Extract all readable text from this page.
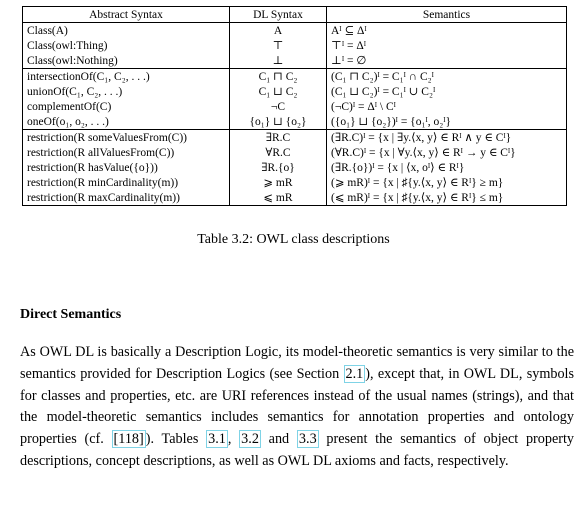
Abstract Syntax	DL Syntax	Semantics
Class(A)	A	Aᴵ ⊆ Δᴵ
Class(owl:Thing)	⊤	⊤ᴵ = Δᴵ
Class(owl:Nothing)	⊥	⊥ᴵ = ∅
intersectionOf(C₁, C₂, . . .)	C₁ ⊓ C₂	(C₁ ⊓ C₂)ᴵ = C₁ᴵ ∩ C₂ᴵ
unionOf(C₁, C₂, . . .)	C₁ ⊔ C₂	(C₁ ⊔ C₂)ᴵ = C₁ᴵ ∪ C₂ᴵ
complementOf(C)	¬C	(¬C)ᴵ = Δᴵ \ Cᴵ
oneOf(o₁, o₂, . . .)	{o₁} ⊔ {o₂}	({o₁} ⊔ {o₂})ᴵ = {o₁ᴵ, o₂ᴵ}
restriction(R someValuesFrom(C))	∃R.C	(∃R.C)ᴵ = {x | ∃y.⟨x, y⟩ ∈ Rᴵ ∧ y ∈ Cᴵ}
restriction(R allValuesFrom(C))	∀R.C	(∀R.C)ᴵ = {x | ∀y.⟨x, y⟩ ∈ Rᴵ → y ∈ Cᴵ}
restriction(R hasValue({o}))	∃R.{o}	(∃R.{o})ᴵ = {x | ⟨x, oᴵ⟩ ∈ Rᴵ}
restriction(R minCardinality(m))	⩾ mR	(⩾ mR)ᴵ = {x | ♯{y.⟨x, y⟩ ∈ Rᴵ} ≥ m}
restriction(R maxCardinality(m))	⩽ mR	(⩽ mR)ᴵ = {x | ♯{y.⟨x, y⟩ ∈ Rᴵ} ≤ m}
Table 3.2: OWL class descriptions
Direct Semantics
As OWL DL is basically a Description Logic, its model-theoretic semantics is very similar to the semantics provided for Description Logics (see Section 2.1 ), except that, in OWL DL, symbols for classes and properties, etc. are URI references instead of the usual names (strings), and that the model-theoretic semantics includes semantics for annotation properties and ontology properties (cf. [118] ). Tables 3.1 , 3.2 and 3.3 present the semantics of object property descriptions, concept descriptions, as well as OWL DL axioms and facts, respectively.
